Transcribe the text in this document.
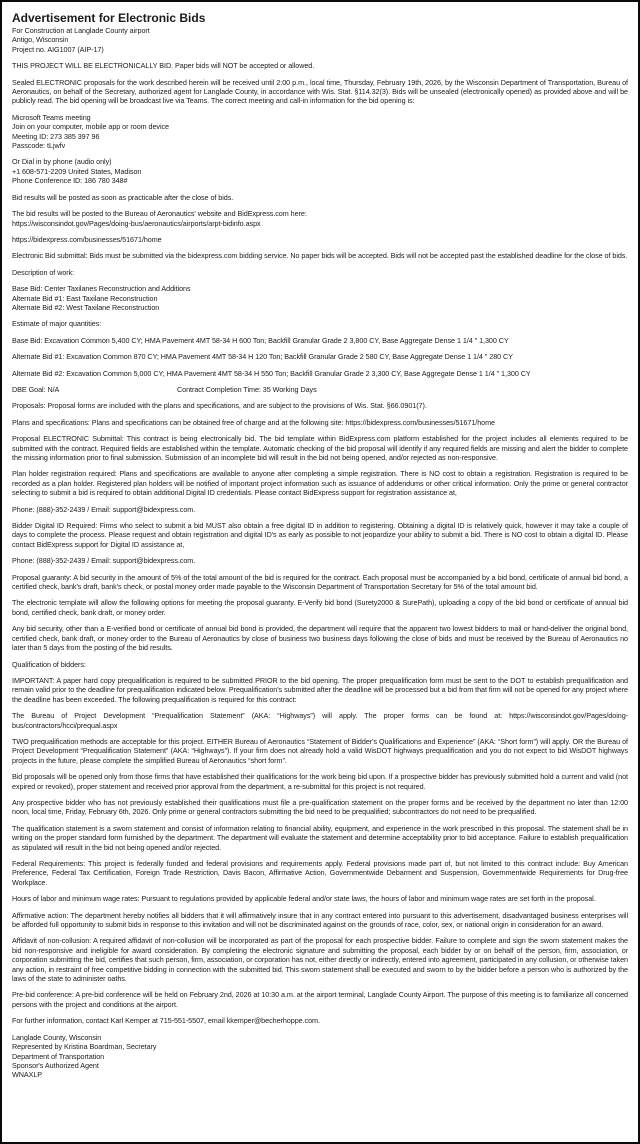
Advertisement for Electronic Bids
For Construction at Langlade County airport
Antigo, Wisconsin
Project no. AIG1007 (AIP-17)

THIS PROJECT WILL BE ELECTRONICALLY BID. Paper bids will NOT be accepted or allowed.

Sealed ELECTRONIC proposals for the work described herein will be received until 2:00 p.m., local time, Thursday, February 19th, 2026, by the Wisconsin Department of Transportation, Bureau of Aeronautics, on behalf of the Secretary, authorized agent for Langlade County, in accordance with Wis. Stat. §114.32(3). Bids will be unsealed (electronically opened) as provided above and will be publicly read. The bid opening will be broadcast live via Teams. The correct meeting and call-in information for the bid opening is:

Microsoft Teams meeting
Join on your computer, mobile app or room device
Meeting ID: 273 385 397 96
Passcode: tLjwfv
Or Dial in by phone (audio only)
+1 608-571-2209 United States, Madison
Phone Conference ID: 186 780 348#

Bid results will be posted as soon as practicable after the close of bids.

The bid results will be posted to the Bureau of Aeronautics' website and BidExpress.com here:
https://wisconsindot.gov/Pages/doing-bus/aeronautics/airports/arpt-bidinfo.aspx

https://bidexpress.com/businesses/51671/home

Electronic Bid submittal: Bids must be submitted via the bidexpress.com bidding service. No paper bids will be accepted. Bids will not be accepted past the established deadline for the close of bids.

Description of work:

Base Bid: Center Taxilanes Reconstruction and Additions
Alternate Bid #1: East Taxilane Reconstruction
Alternate Bid #2: West Taxilane Reconstruction

Estimate of major quantities:

Base Bid: Excavation Common 5,400 CY; HMA Pavement 4MT 58-34 H 600 Ton; Backfill Granular Grade 2 3,800 CY, Base Aggregate Dense 1 1/4 " 1,300 CY

Alternate Bid #1: Excavation Common 870 CY; HMA Pavement 4MT 58-34 H 120 Ton; Backfill Granular Grade 2 580 CY, Base Aggregate Dense 1 1/4 " 280 CY

Alternate Bid #2: Excavation Common 5,000 CY; HMA Pavement 4MT 58-34 H 550 Ton; Backfill Granular Grade 2 3,300 CY, Base Aggregate Dense 1 1/4 " 1,300 CY

DBE Goal: N/A	Contract Completion Time: 35 Working Days

Proposals: Proposal forms are included with the plans and specifications, and are subject to the provisions of Wis. Stat. §66.0901(7).

Plans and specifications: Plans and specifications can be obtained free of charge and at the following site: https://bidexpress.com/businesses/51671/home

Proposal ELECTRONIC Submittal: This contract is being electronically bid. The bid template within BidExpress.com platform established for the project includes all elements required to be submitted with the contract. Required fields are established within the template. Automatic checking of the bid proposal will identify if any required fields are missing and alert the bidder to complete the missing information prior to final submission. Submission of an incomplete bid will result in the bid not being opened, and/or rejected as non-responsive.

Plan holder registration required: Plans and specifications are available to anyone after completing a simple registration. There is NO cost to obtain a registration. Registration is required to be recorded as a plan holder. Registered plan holders will be notified of important project information such as issuance of addendums or other critical information. Only the prime or general contractor selecting to submit a bid is required to obtain additional Digital ID credentials. Please contact BidExpress support for registration assistance at,

Phone: (888)-352-2439 / Email: support@bidexpress.com.

Bidder Digital ID Required: Firms who select to submit a bid MUST also obtain a free digital ID in addition to registering. Obtaining a digital ID is relatively quick, however it may take a couple of days to complete the process. Please request and obtain registration and digital ID's as early as possible to not jeopardize your ability to submit a bid. There is NO cost to obtain a digital ID. Please contact BidExpress support for Digital ID assistance at,

Phone: (888)-352-2439 / Email: support@bidexpress.com.

Proposal guaranty: A bid security in the amount of 5% of the total amount of the bid is required for the contract. Each proposal must be accompanied by a bid bond, certificate of annual bid bond, a certified check, bank's draft, bank's check, or postal money order made payable to the Wisconsin Department of Transportation Secretary for 5% of the total amount bid.

The electronic template will allow the following options for meeting the proposal guaranty. E-Verify bid bond (Surety2000 & SurePath), uploading a copy of the bid bond or certificate of annual bid bond, certified check, bank draft, or money order.

Any bid security, other than a E-verified bond or certificate of annual bid bond is provided, the department will require that the apparent two lowest bidders to mail or hand-deliver the original bond, certified check, bank draft, or money order to the Bureau of Aeronautics by close of business two business days following the close of bids and must be received by the Bureau of Aeronautics no later than 5 days from the posting of the bid results.

Qualification of bidders:

IMPORTANT: A paper hard copy prequalification is required to be submitted PRIOR to the bid opening. The proper prequalification form must be sent to the DOT to establish prequalification and remain valid prior to the deadline for prequalification indicated below. Prequalification's submitted after the deadline will be processed but a bid from that firm will not be opened for any project where the deadline has been exceeded. The following prequalification is required for this contract:

The Bureau of Project Development “Prequalification Statement” (AKA: “Highways”) will apply. The proper forms can be found at: https://wisconsindot.gov/Pages/doing-bus/contractors/hcci/prequal.aspx

TWO prequalification methods are acceptable for this project. EITHER Bureau of Aeronautics “Statement of Bidder's Qualifications and Experience” (AKA: “Short form”) will apply. OR the Bureau of Project Development “Prequalification Statement” (AKA: “Highways”). If your firm does not already hold a valid WisDOT highways prequalification and you do not expect to bid WisDOT highways projects in the future, please complete the simplified Bureau of Aeronautics “short form”.

Bid proposals will be opened only from those firms that have established their qualifications for the work being bid upon. If a prospective bidder has previously submitted hold a current and valid (not expired or revoked), proper statement and received prior approval from the department, a re-submittal for this project is not required.

Any prospective bidder who has not previously established their qualifications must file a pre-qualification statement on the proper forms and be received by the department no later than 12:00 noon, local time, Friday, February 6th, 2026. Only prime or general contractors submitting the bid need to be prequalified; subcontractors do not need to be prequalified.

The qualification statement is a sworn statement and consist of information relating to financial ability, equipment, and experience in the work prescribed in this proposal. The statement shall be in writing on the proper standard form furnished by the department. The department will evaluate the statement and determine acceptability prior to bid acceptance. Failure to establish prequalification as stipulated will result in the bid not being opened and/or rejected.

Federal Requirements: This project is federally funded and federal provisions and requirements apply. Federal provisions made part of, but not limited to this contract include: Buy American Preference, Federal Tax Certification, Foreign Trade Restriction, Davis Bacon, Affirmative Action, Governmentwide Debarment and Suspension, Governmentwide Requirements for Drug-free Workplace.

Hours of labor and minimum wage rates: Pursuant to regulations provided by applicable federal and/or state laws, the hours of labor and minimum wage rates are set forth in the proposal.

Affirmative action: The department hereby notifies all bidders that it will affirmatively insure that in any contract entered into pursuant to this advertisement, disadvantaged business enterprises will be afforded full opportunity to submit bids in response to this invitation and will not be discriminated against on the grounds of race, color, sex, or national origin in consideration for an award.

Affidavit of non-collusion: A required affidavit of non-collusion will be incorporated as part of the proposal for each prospective bidder. Failure to complete and sign the sworn statement makes the bid non-responsive and ineligible for award consideration. By completing the electronic signature and submitting the proposal, each bidder by or on behalf of the person, firm, association, or corporation submitting the bid, certifies that such person, firm, association, or corporation has not, either directly or indirectly, entered into agreement, participated in any collusion, or otherwise taken any action, in restraint of free competitive bidding in connection with the submitted bid. This sworn statement shall be executed and sworn to by the bidder before a person who is authorized by the laws of the state to administer oaths.

Pre-bid conference: A pre-bid conference will be held on February 2nd, 2026 at 10:30 a.m. at the airport terminal, Langlade County Airport. The purpose of this meeting is to familiarize all concerned persons with the project and conditions at the airport.

For further information, contact Karl Kemper at 715-551-5507, email kkemper@becherhoppe.com.

Langlade County, Wisconsin
Represented by Kristina Boardman, Secretary
Department of Transportation
Sponsor's Authorized Agent
WNAXLP
